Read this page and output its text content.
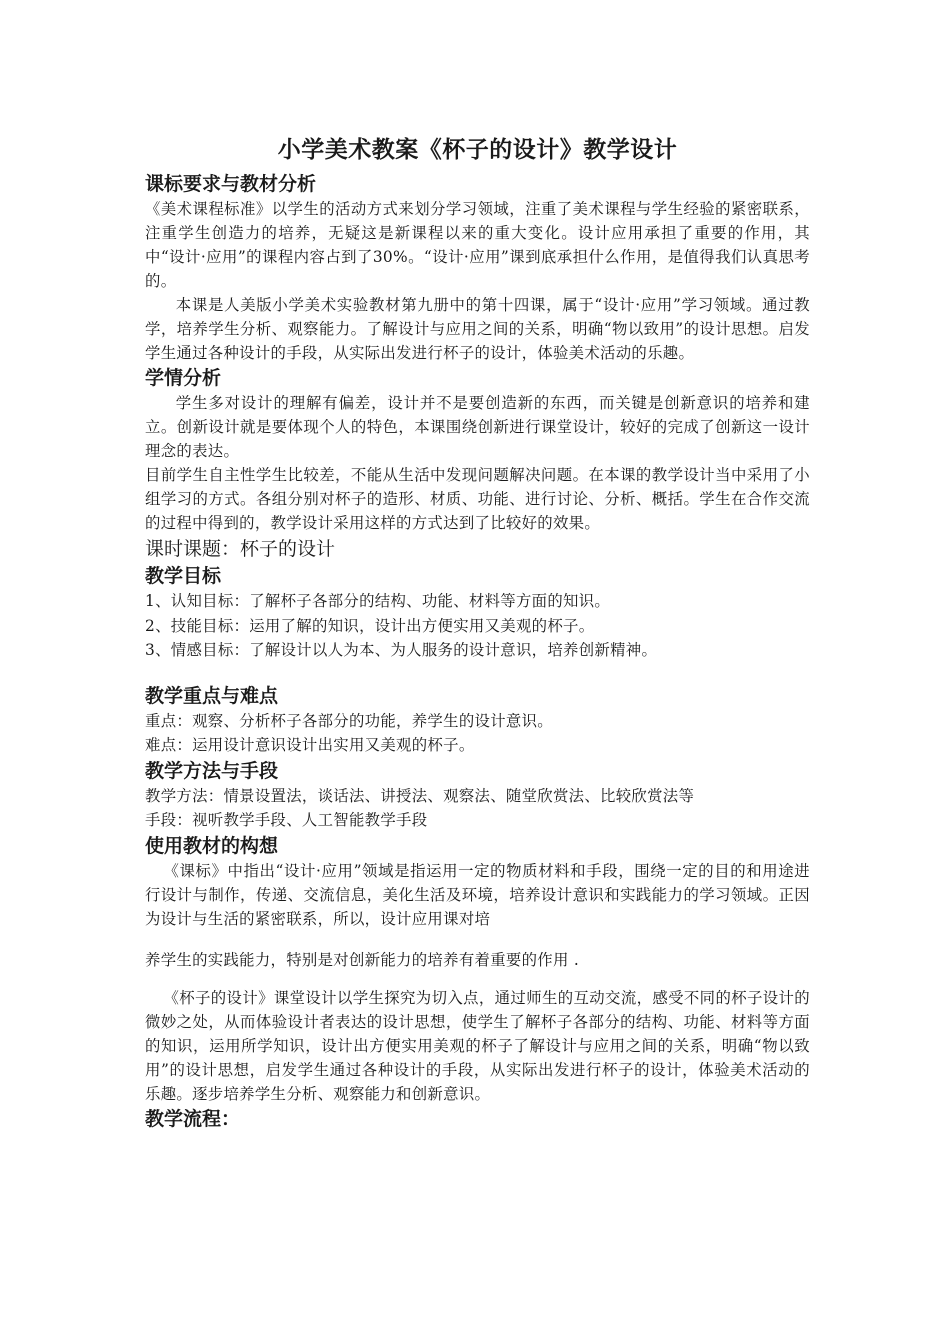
小学美术教案《杯子的设计》教学设计
课标要求与教材分析

《美术课程标准》以学生的活动方式来划分学习领域，注重了美术课程与学生经验的紧密联系，注重学生创造力的培养，无疑这是新课程以来的重大变化。设计应用承担了重要的作用，其中“设计·应用”的课程内容占到了30%。“设计·应用”课到底承担什么作用，是值得我们认真思考的。

本课是人美版小学美术实验教材第九册中的第十四课，属于“设计·应用”学习领域。通过教学，培养学生分析、观察能力。了解设计与应用之间的关系，明确“物以致用”的设计思想。启发学生通过各种设计的手段，从实际出发进行杯子的设计，体验美术活动的乐趣。

学情分析

学生多对设计的理解有偏差，设计并不是要创造新的东西，而关键是创新意识的培养和建立。创新设计就是要体现个人的特色，本课围绕创新进行课堂设计，较好的完成了创新这一设计理念的表达。

目前学生自主性学生比较差，不能从生活中发现问题解决问题。在本课的教学设计当中采用了小组学习的方式。各组分别对杯子的造形、材质、功能、进行讨论、分析、概括。学生在合作交流的过程中得到的，教学设计采用这样的方式达到了比较好的效果。

课时课题：杯子的设计

教学目标

1、认知目标：了解杯子各部分的结构、功能、材料等方面的知识。

2、技能目标：运用了解的知识，设计出方便实用又美观的杯子。

3、情感目标：了解设计以人为本、为人服务的设计意识，培养创新精神。

教学重点与难点

重点：观察、分析杯子各部分的功能，养学生的设计意识。

难点：运用设计意识设计出实用又美观的杯子。

教学方法与手段

教学方法：情景设置法，谈话法、讲授法、观察法、随堂欣赏法、比较欣赏法等

手段：视听教学手段、人工智能教学手段

使用教材的构想

《课标》中指出“设计·应用”领域是指运用一定的物质材料和手段，围绕一定的目的和用途进行设计与制作，传递、交流信息，美化生活及环境，培养设计意识和实践能力的学习领域。正因为设计与生活的紧密联系，所以，设计应用课对培

养学生的实践能力，特别是对创新能力的培养有着重要的作用 .

《杯子的设计》课堂设计以学生探究为切入点，通过师生的互动交流，感受不同的杯子设计的微妙之处，从而体验设计者表达的设计思想，使学生了解杯子各部分的结构、功能、材料等方面的知识，运用所学知识，设计出方便实用美观的杯子了解设计与应用之间的关系，明确“物以致用”的设计思想，启发学生通过各种设计的手段，从实际出发进行杯子的设计，体验美术活动的乐趣。逐步培养学生分析、观察能力和创新意识。

教学流程：
